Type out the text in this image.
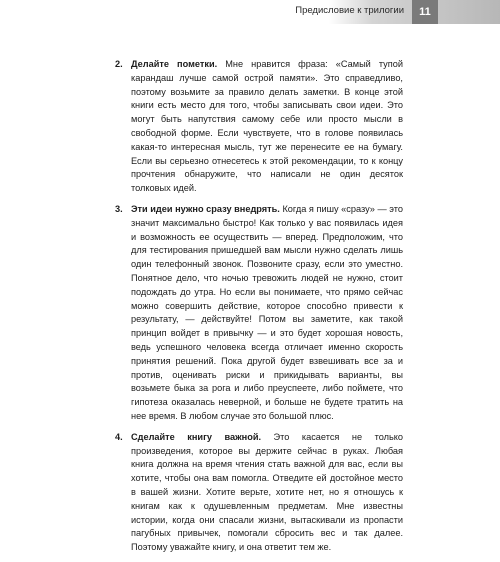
Предисловие к трилогии	11
2. Делайте пометки. Мне нравится фраза: «Самый тупой карандаш лучше самой острой памяти». Это справедливо, поэтому возьмите за правило делать заметки. В конце этой книги есть место для того, чтобы записывать свои идеи. Это могут быть напутствия самому себе или просто мысли в свободной форме. Если чувствуете, что в голове появилась какая-то интересная мысль, тут же перенесите ее на бумагу. Если вы серьезно отнесетесь к этой рекомендации, то к концу прочтения обнаружите, что написали не один десяток толковых идей.
3. Эти идеи нужно сразу внедрять. Когда я пишу «сразу» — это значит максимально быстро! Как только у вас появилась идея и возможность ее осуществить — вперед. Предположим, что для тестирования пришедшей вам мысли нужно сделать лишь один телефонный звонок. Позвоните сразу, если это уместно. Понятное дело, что ночью тревожить людей не нужно, стоит подождать до утра. Но если вы понимаете, что прямо сейчас можно совершить действие, которое способно привести к результату, — действуйте! Потом вы заметите, как такой принцип войдет в привычку — и это будет хорошая новость, ведь успешного человека всегда отличает именно скорость принятия решений. Пока другой будет взвешивать все за и против, оценивать риски и прикидывать варианты, вы возьмете быка за рога и либо преуспеете, либо поймете, что гипотеза оказалась неверной, и больше не будете тратить на нее время. В любом случае это большой плюс.
4. Сделайте книгу важной. Это касается не только произведения, которое вы держите сейчас в руках. Любая книга должна на время чтения стать важной для вас, если вы хотите, чтобы она вам помогла. Отведите ей достойное место в вашей жизни. Хотите верьте, хотите нет, но я отношусь к книгам как к одушевленным предметам. Мне известны истории, когда они спасали жизни, вытаскивали из пропасти пагубных привычек, помогали сбросить вес и так далее. Поэтому уважайте книгу, и она ответит тем же.
